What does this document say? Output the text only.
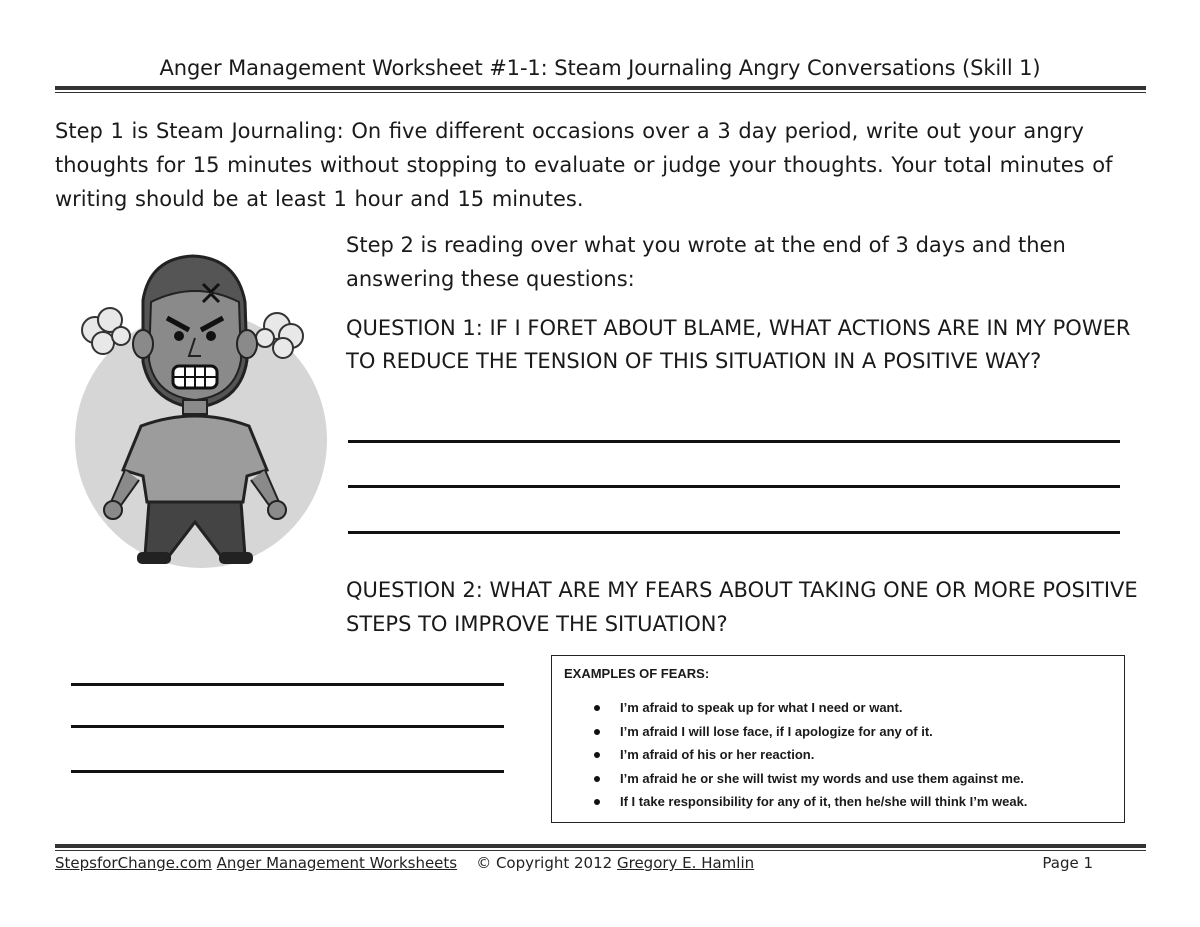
Anger Management Worksheet #1-1: Steam Journaling Angry Conversations (Skill 1)
Step 1 is Steam Journaling: On five different occasions over a 3 day period, write out your angry thoughts for 15 minutes without stopping to evaluate or judge your thoughts. Your total minutes of writing should be at least 1 hour and 15 minutes.
Step 2 is reading over what you wrote at the end of 3 days and then answering these questions:
QUESTION 1: IF I FORET ABOUT BLAME, WHAT ACTIONS ARE IN MY POWER TO REDUCE THE TENSION OF THIS SITUATION IN A POSITIVE WAY?
QUESTION 2: WHAT ARE MY FEARS ABOUT TAKING ONE OR MORE POSITIVE STEPS TO IMPROVE THE SITUATION?
EXAMPLES OF FEARS:
I’m afraid to speak up for what I need or want.
I’m afraid I will lose face, if I apologize for any of it.
I’m afraid of his or her reaction.
I’m afraid he or she will twist my words and use them against me.
If I take responsibility for any of it, then he/she will think I’m weak.
StepsforChange.com Anger Management Worksheets © Copyright 2012 Gregory E. Hamlin	Page 1
